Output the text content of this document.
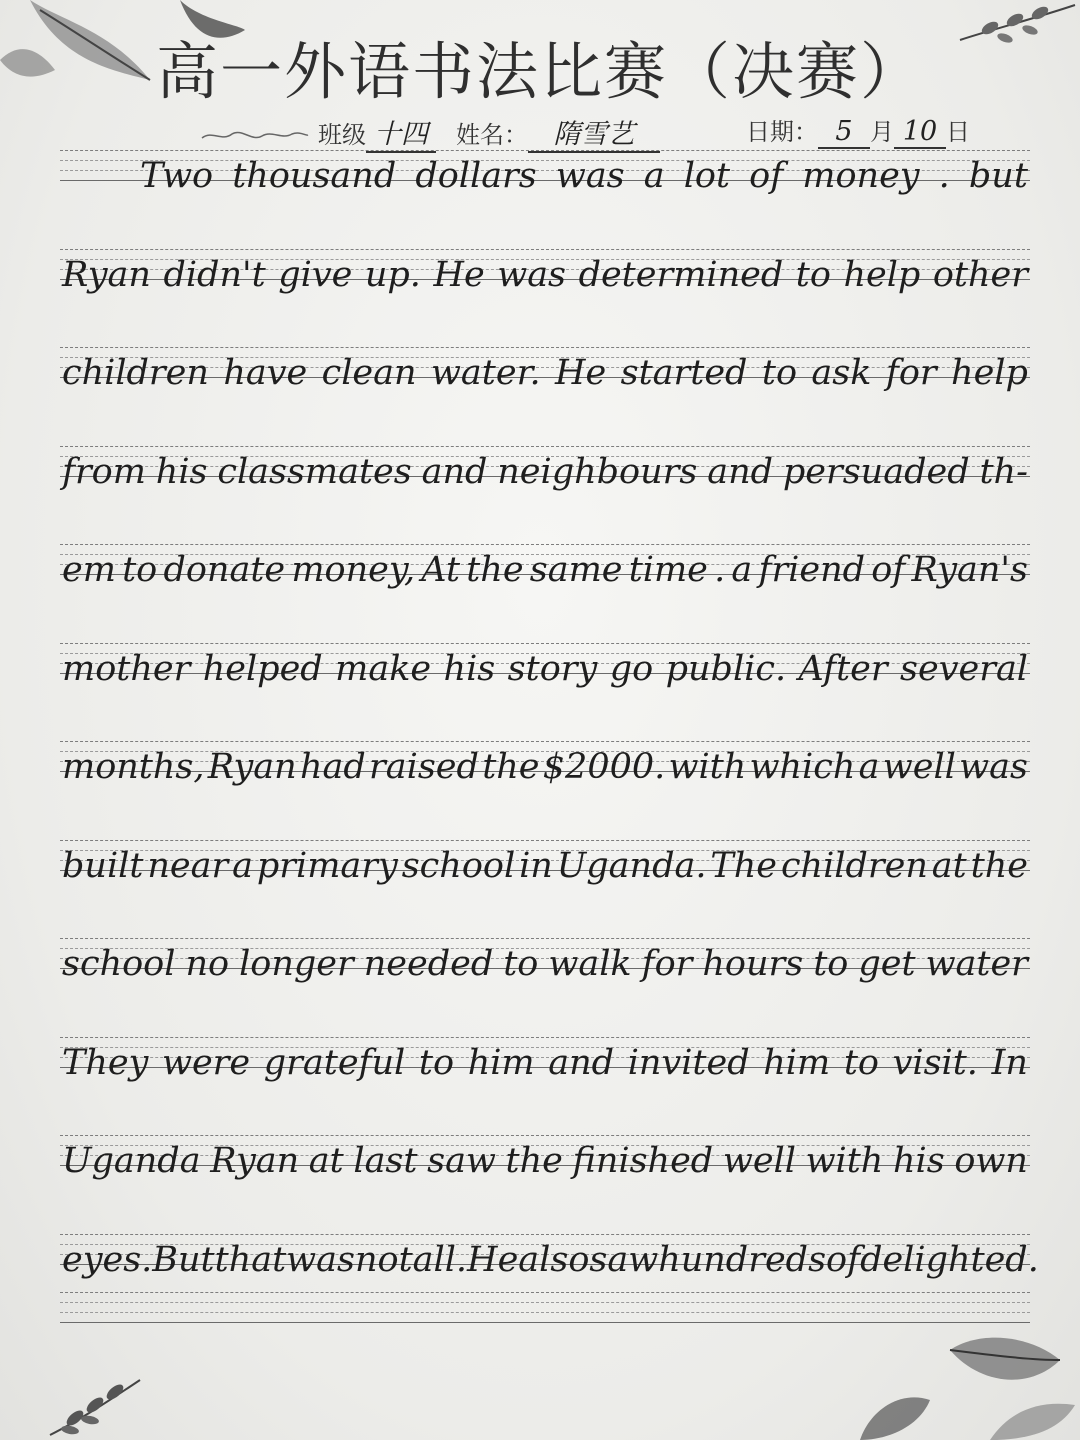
高一外语书法比赛（决赛）
班级 十四	姓名： 隋雪艺	日期： 5 月 10 日
Two thousand dollars was a lot of money . but
Ryan didn't give up. He was determined to help other
children have clean water. He started to ask for help
from his classmates and neighbours and persuaded th-
em to donate money, At the same time . a friend of Ryan's
mother helped make his story go public. After several
months, Ryan had raised the $2000. with which a well was
built near a primary school in Uganda. The children at the
school no longer needed to walk for hours to get water
They were grateful to him and invited him to visit. In
Uganda Ryan at last saw the finished well with his own
eyes. But that was not all. He also saw hundreds of delighted.
